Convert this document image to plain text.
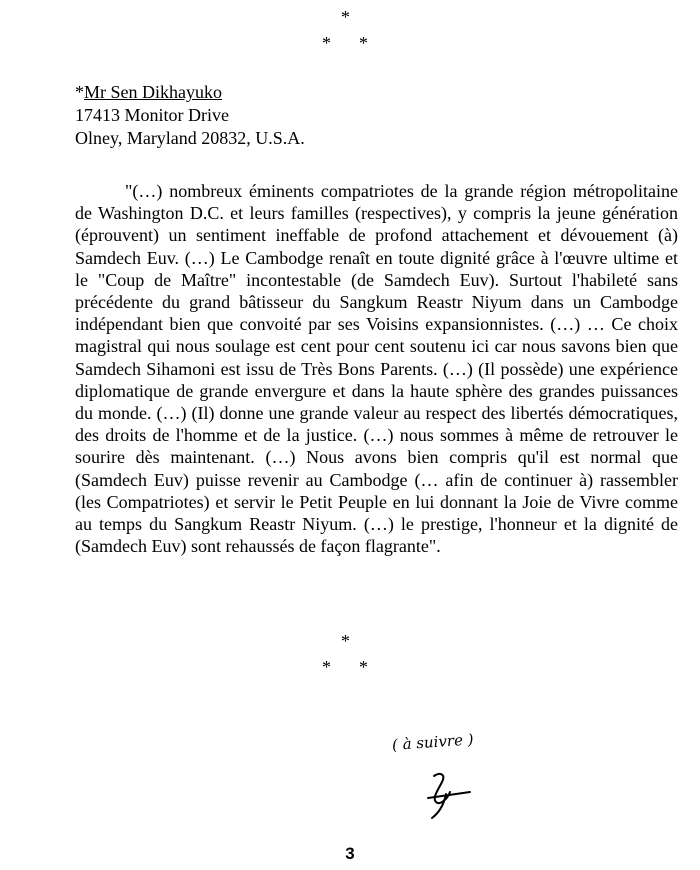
*
* *
*Mr Sen Dikhayuko
17413 Monitor Drive
Olney, Maryland 20832, U.S.A.

"(…) nombreux éminents compatriotes de la grande région métropolitaine de Washington D.C. et leurs familles (respectives), y compris la jeune génération (éprouvent) un sentiment ineffable de profond attachement et dévouement (à) Samdech Euv. (…) Le Cambodge renaît en toute dignité grâce à l'œuvre ultime et le "Coup de Maître" incontestable (de Samdech Euv). Surtout l'habileté sans précédente du grand bâtisseur du Sangkum Reastr Niyum dans un Cambodge indépendant bien que convoité par ses Voisins expansionnistes. (…) … Ce choix magistral qui nous soulage est cent pour cent soutenu ici car nous savons bien que Samdech Sihamoni est issu de Très Bons Parents. (…) (Il possède) une expérience diplomatique de grande envergure et dans la haute sphère des grandes puissances du monde. (…) (Il) donne une grande valeur au respect des libertés démocratiques, des droits de l'homme et de la justice. (…) nous sommes à même de retrouver le sourire dès maintenant. (…) Nous avons bien compris qu'il est normal que (Samdech Euv) puisse revenir au Cambodge (… afin de continuer à) rassembler (les Compatriotes) et servir le Petit Peuple en lui donnant la Joie de Vivre comme au temps du Sangkum Reastr Niyum. (…) le prestige, l'honneur et la dignité de (Samdech Euv) sont rehaussés de façon flagrante".

*
* *
( à suivre )
3
